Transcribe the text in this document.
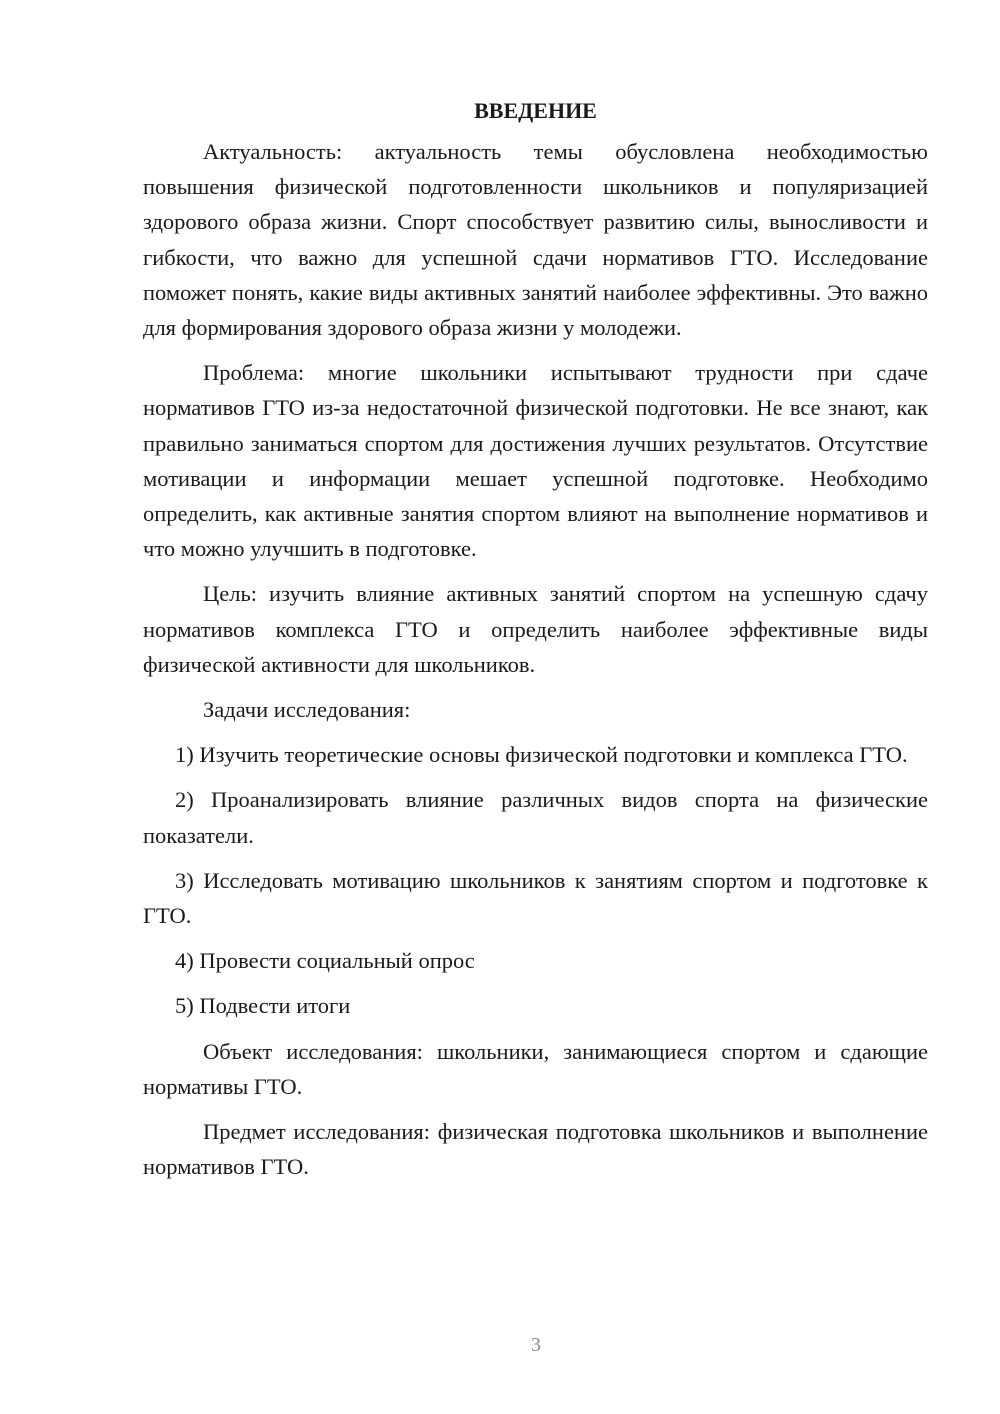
ВВЕДЕНИЕ

Актуальность: актуальность темы обусловлена необходимостью повышения физической подготовленности школьников и популяризацией здорового образа жизни. Спорт способствует развитию силы, выносливости и гибкости, что важно для успешной сдачи нормативов ГТО. Исследование поможет понять, какие виды активных занятий наиболее эффективны. Это важно для формирования здорового образа жизни у молодежи.

Проблема: многие школьники испытывают трудности при сдаче нормативов ГТО из-за недостаточной физической подготовки. Не все знают, как правильно заниматься спортом для достижения лучших результатов. Отсутствие мотивации и информации мешает успешной подготовке. Необходимо определить, как активные занятия спортом влияют на выполнение нормативов и что можно улучшить в подготовке.

Цель: изучить влияние активных занятий спортом на успешную сдачу нормативов комплекса ГТО и определить наиболее эффективные виды физической активности для школьников.

Задачи исследования:

1) Изучить теоретические основы физической подготовки и комплекса ГТО.

2) Проанализировать влияние различных видов спорта на физические показатели.

3) Исследовать мотивацию школьников к занятиям спортом и подготовке к ГТО.

4) Провести социальный опрос

5) Подвести итоги

Объект исследования: школьники, занимающиеся спортом и сдающие нормативы ГТО.

Предмет исследования: физическая подготовка школьников и выполнение нормативов ГТО.

3
